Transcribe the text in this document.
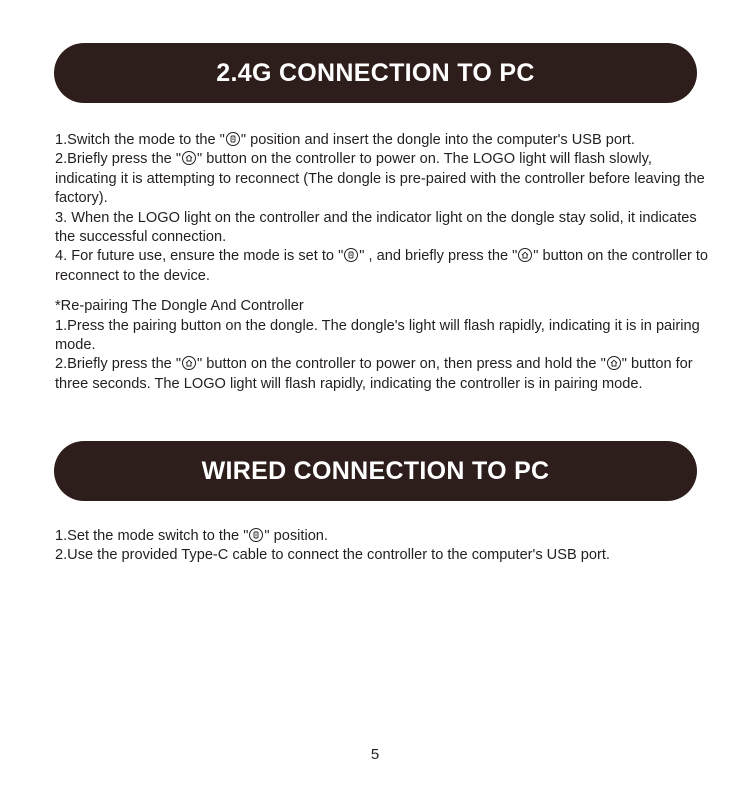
2.4G CONNECTION TO PC

1.Switch the mode to the " " position and insert the dongle into the computer's USB port.

2.Briefly press the " " button on the controller to power on. The LOGO light will flash slowly, indicating it is attempting to reconnect (The dongle is pre-paired with the controller before leaving the factory).

3. When the LOGO light on the controller and the indicator light on the dongle stay solid, it indicates the successful connection.

4. For future use, ensure the mode is set to " " , and briefly press the " " button on the controller to reconnect to the device.

*Re-pairing The Dongle And Controller

1.Press the pairing button on the dongle. The dongle's light will flash rapidly, indicating it is in pairing mode.

2.Briefly press the " " button on the controller to power on, then press and hold the " " button for three seconds. The LOGO light will flash rapidly, indicating the controller is in pairing mode.

WIRED CONNECTION TO PC

1.Set the mode switch to the " " position.

2.Use the provided Type-C cable to connect the controller to the computer's USB port.

5
